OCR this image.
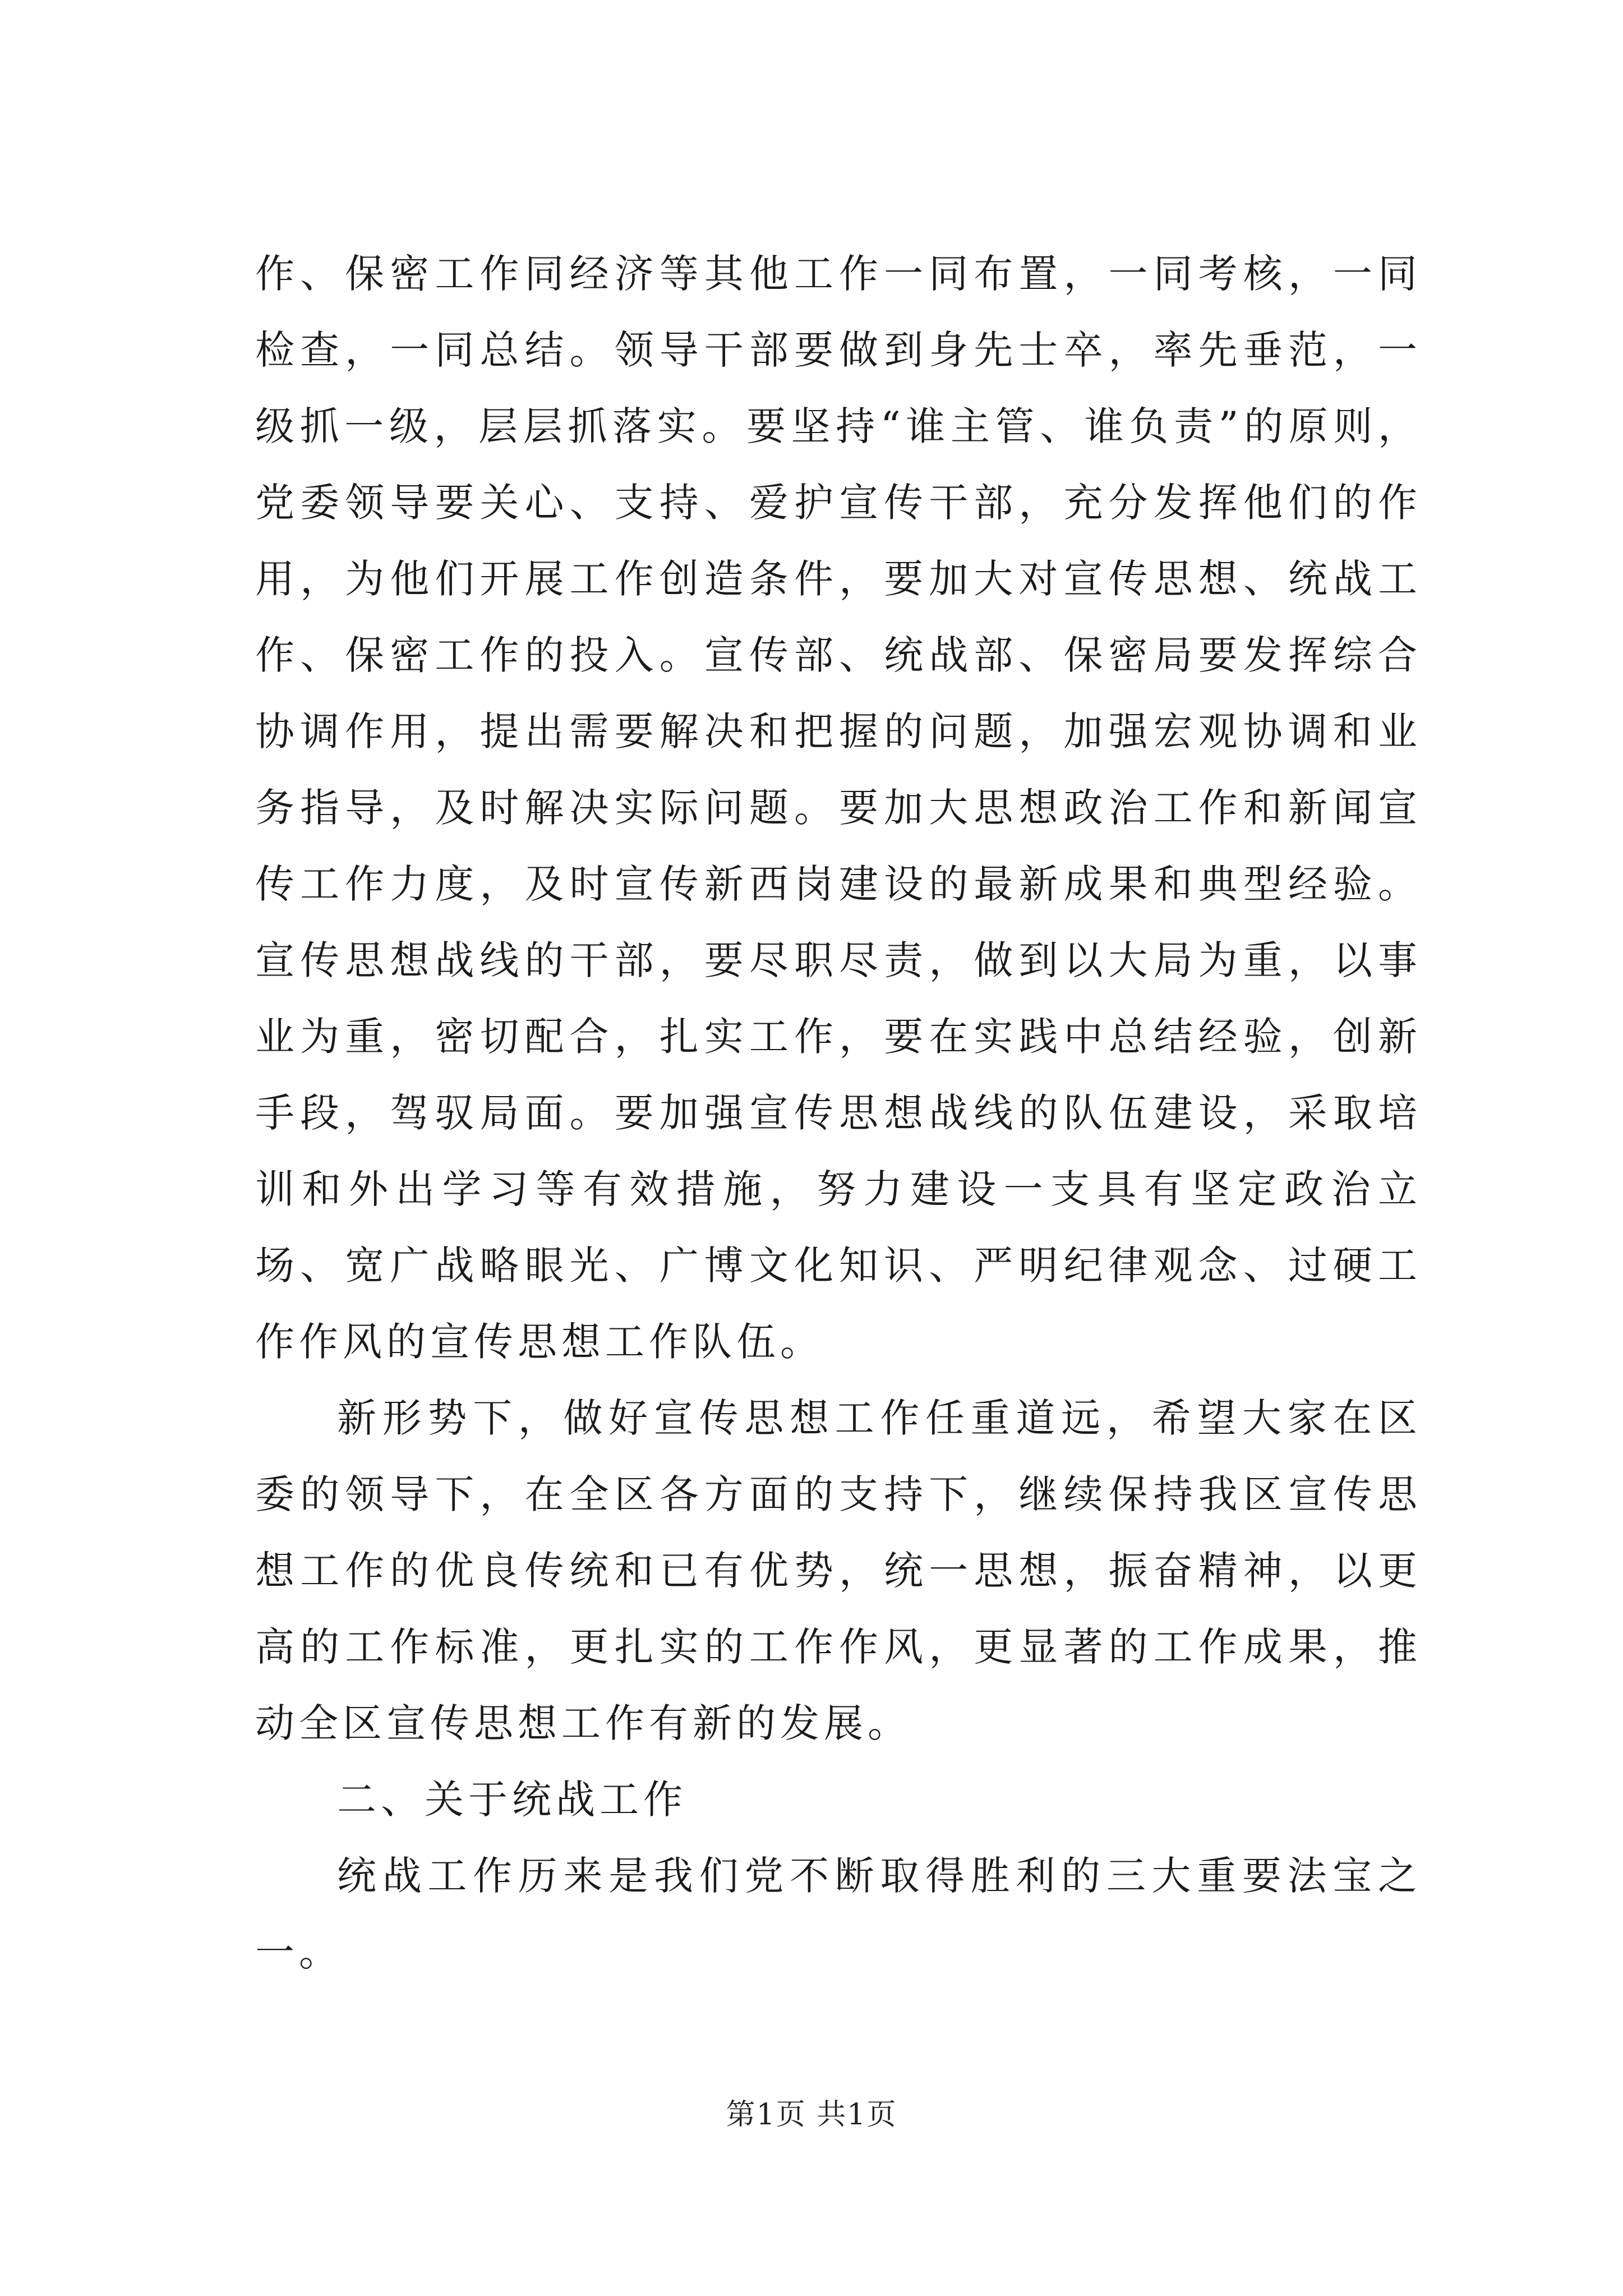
作、保密工作同经济等其他工作一同布置，一同考核，一同检查，一同总结。领导干部要做到身先士卒，率先垂范，一级抓一级，层层抓落实。要坚持“谁主管、谁负责”的原则，党委领导要关心、支持、爱护宣传干部，充分发挥他们的作用，为他们开展工作创造条件，要加大对宣传思想、统战工作、保密工作的投入。宣传部、统战部、保密局要发挥综合协调作用，提出需要解决和把握的问题，加强宏观协调和业务指导，及时解决实际问题。要加大思想政治工作和新闻宣传工作力度，及时宣传新西岗建设的最新成果和典型经验。宣传思想战线的干部，要尽职尽责，做到以大局为重，以事业为重，密切配合，扎实工作，要在实践中总结经验，创新手段，驾驭局面。要加强宣传思想战线的队伍建设，采取培训和外出学习等有效措施，努力建设一支具有坚定政治立场、宽广战略眼光、广博文化知识、严明纪律观念、过硬工作作风的宣传思想工作队伍。

新形势下，做好宣传思想工作任重道远，希望大家在区委的领导下，在全区各方面的支持下，继续保持我区宣传思想工作的优良传统和已有优势，统一思想，振奋精神，以更高的工作标准，更扎实的工作作风，更显著的工作成果，推动全区宣传思想工作有新的发展。

二、关于统战工作

统战工作历来是我们党不断取得胜利的三大重要法宝之一。

第1页 共1页
